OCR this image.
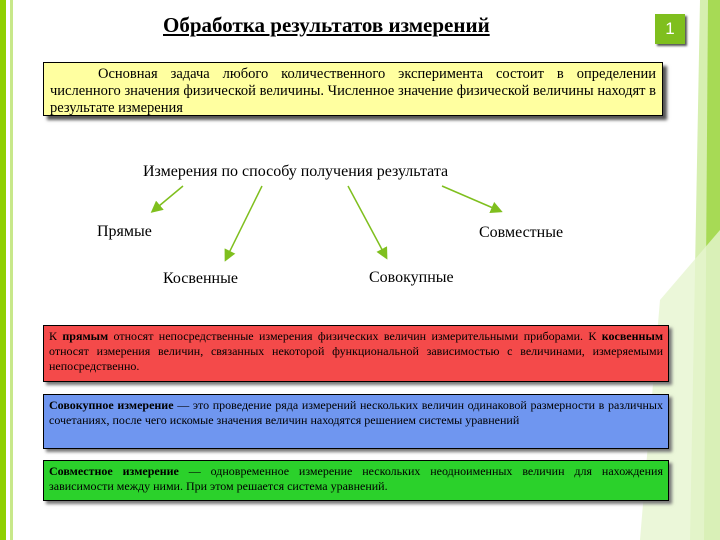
Обработка результатов измерений	1
Основная задача любого количественного эксперимента состоит в определении численного значения физической величины. Численное значение физической величины находят в результате измерения
Измерения по способу получения результата
Прямые
Косвенные	Совокупные
Совместные
К прямым относят непосредственные измерения физических величин измерительными приборами. К косвенным относят измерения величин, связанных некоторой функциональной зависимостью с величинами, измеряемыми непосредственно.
Совокупное измерение — это проведение ряда измерений нескольких величин одинаковой размерности в различных сочетаниях, после чего искомые значения величин находятся решением системы уравнений
Совместное измерение — одновременное измерение нескольких неодноименных величин для нахождения зависимости между ними. При этом решается система уравнений.
